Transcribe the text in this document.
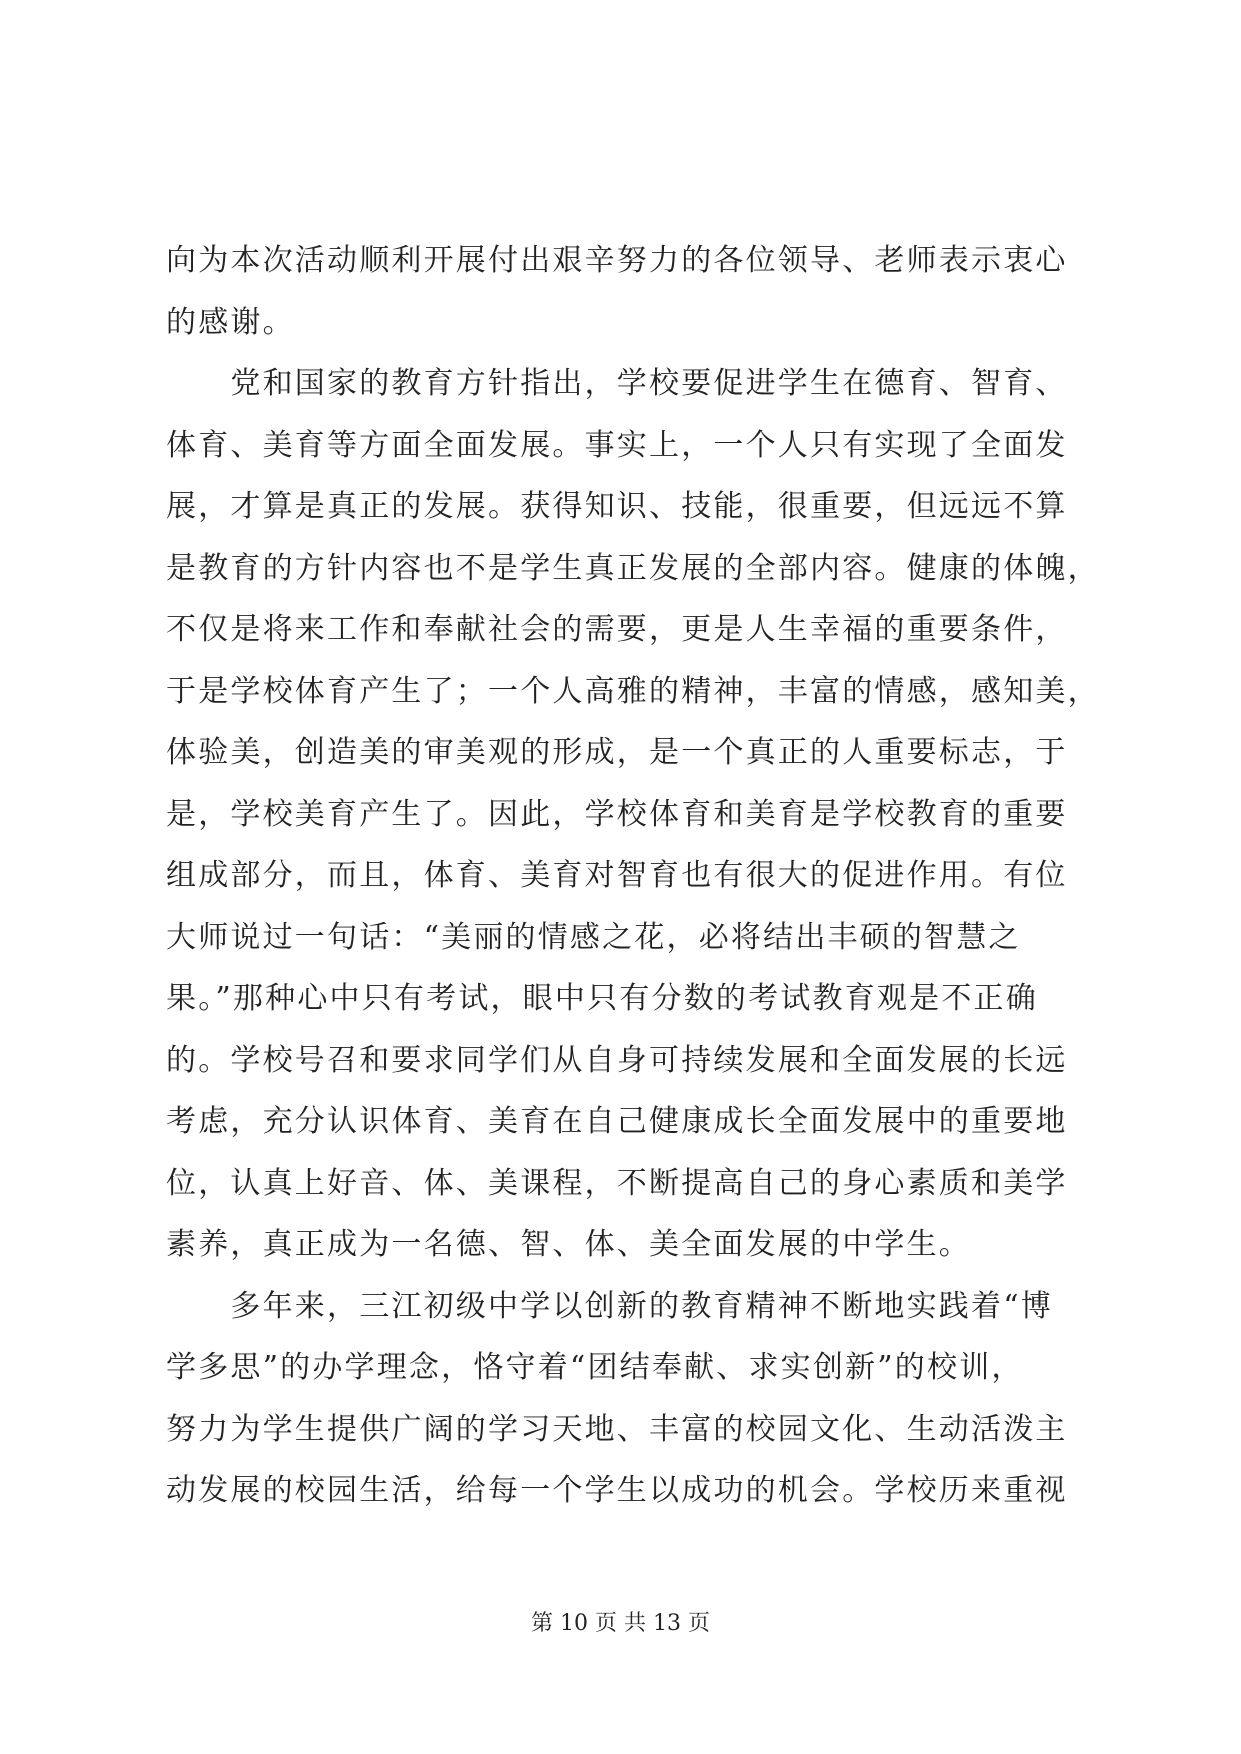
向为本次活动顺利开展付出艰辛努力的各位领导、老师表示衷心
的感谢。
　　党和国家的教育方针指出，学校要促进学生在德育、智育、
体育、美育等方面全面发展。事实上，一个人只有实现了全面发
展，才算是真正的发展。获得知识、技能，很重要，但远远不算
是教育的方针内容也不是学生真正发展的全部内容。健康的体魄，
不仅是将来工作和奉献社会的需要，更是人生幸福的重要条件，
于是学校体育产生了；一个人高雅的精神，丰富的情感，感知美，
体验美，创造美的审美观的形成，是一个真正的人重要标志，于
是，学校美育产生了。因此，学校体育和美育是学校教育的重要
组成部分，而且，体育、美育对智育也有很大的促进作用。有位
大师说过一句话：“美丽的情感之花，必将结出丰硕的智慧之
果。”那种心中只有考试，眼中只有分数的考试教育观是不正确
的。学校号召和要求同学们从自身可持续发展和全面发展的长远
考虑，充分认识体育、美育在自己健康成长全面发展中的重要地
位，认真上好音、体、美课程，不断提高自己的身心素质和美学
素养，真正成为一名德、智、体、美全面发展的中学生。
　　多年来，三江初级中学以创新的教育精神不断地实践着“博
学多思”的办学理念，恪守着“团结奉献、求实创新”的校训，
努力为学生提供广阔的学习天地、丰富的校园文化、生动活泼主
动发展的校园生活，给每一个学生以成功的机会。学校历来重视
第 10 页 共 13 页
